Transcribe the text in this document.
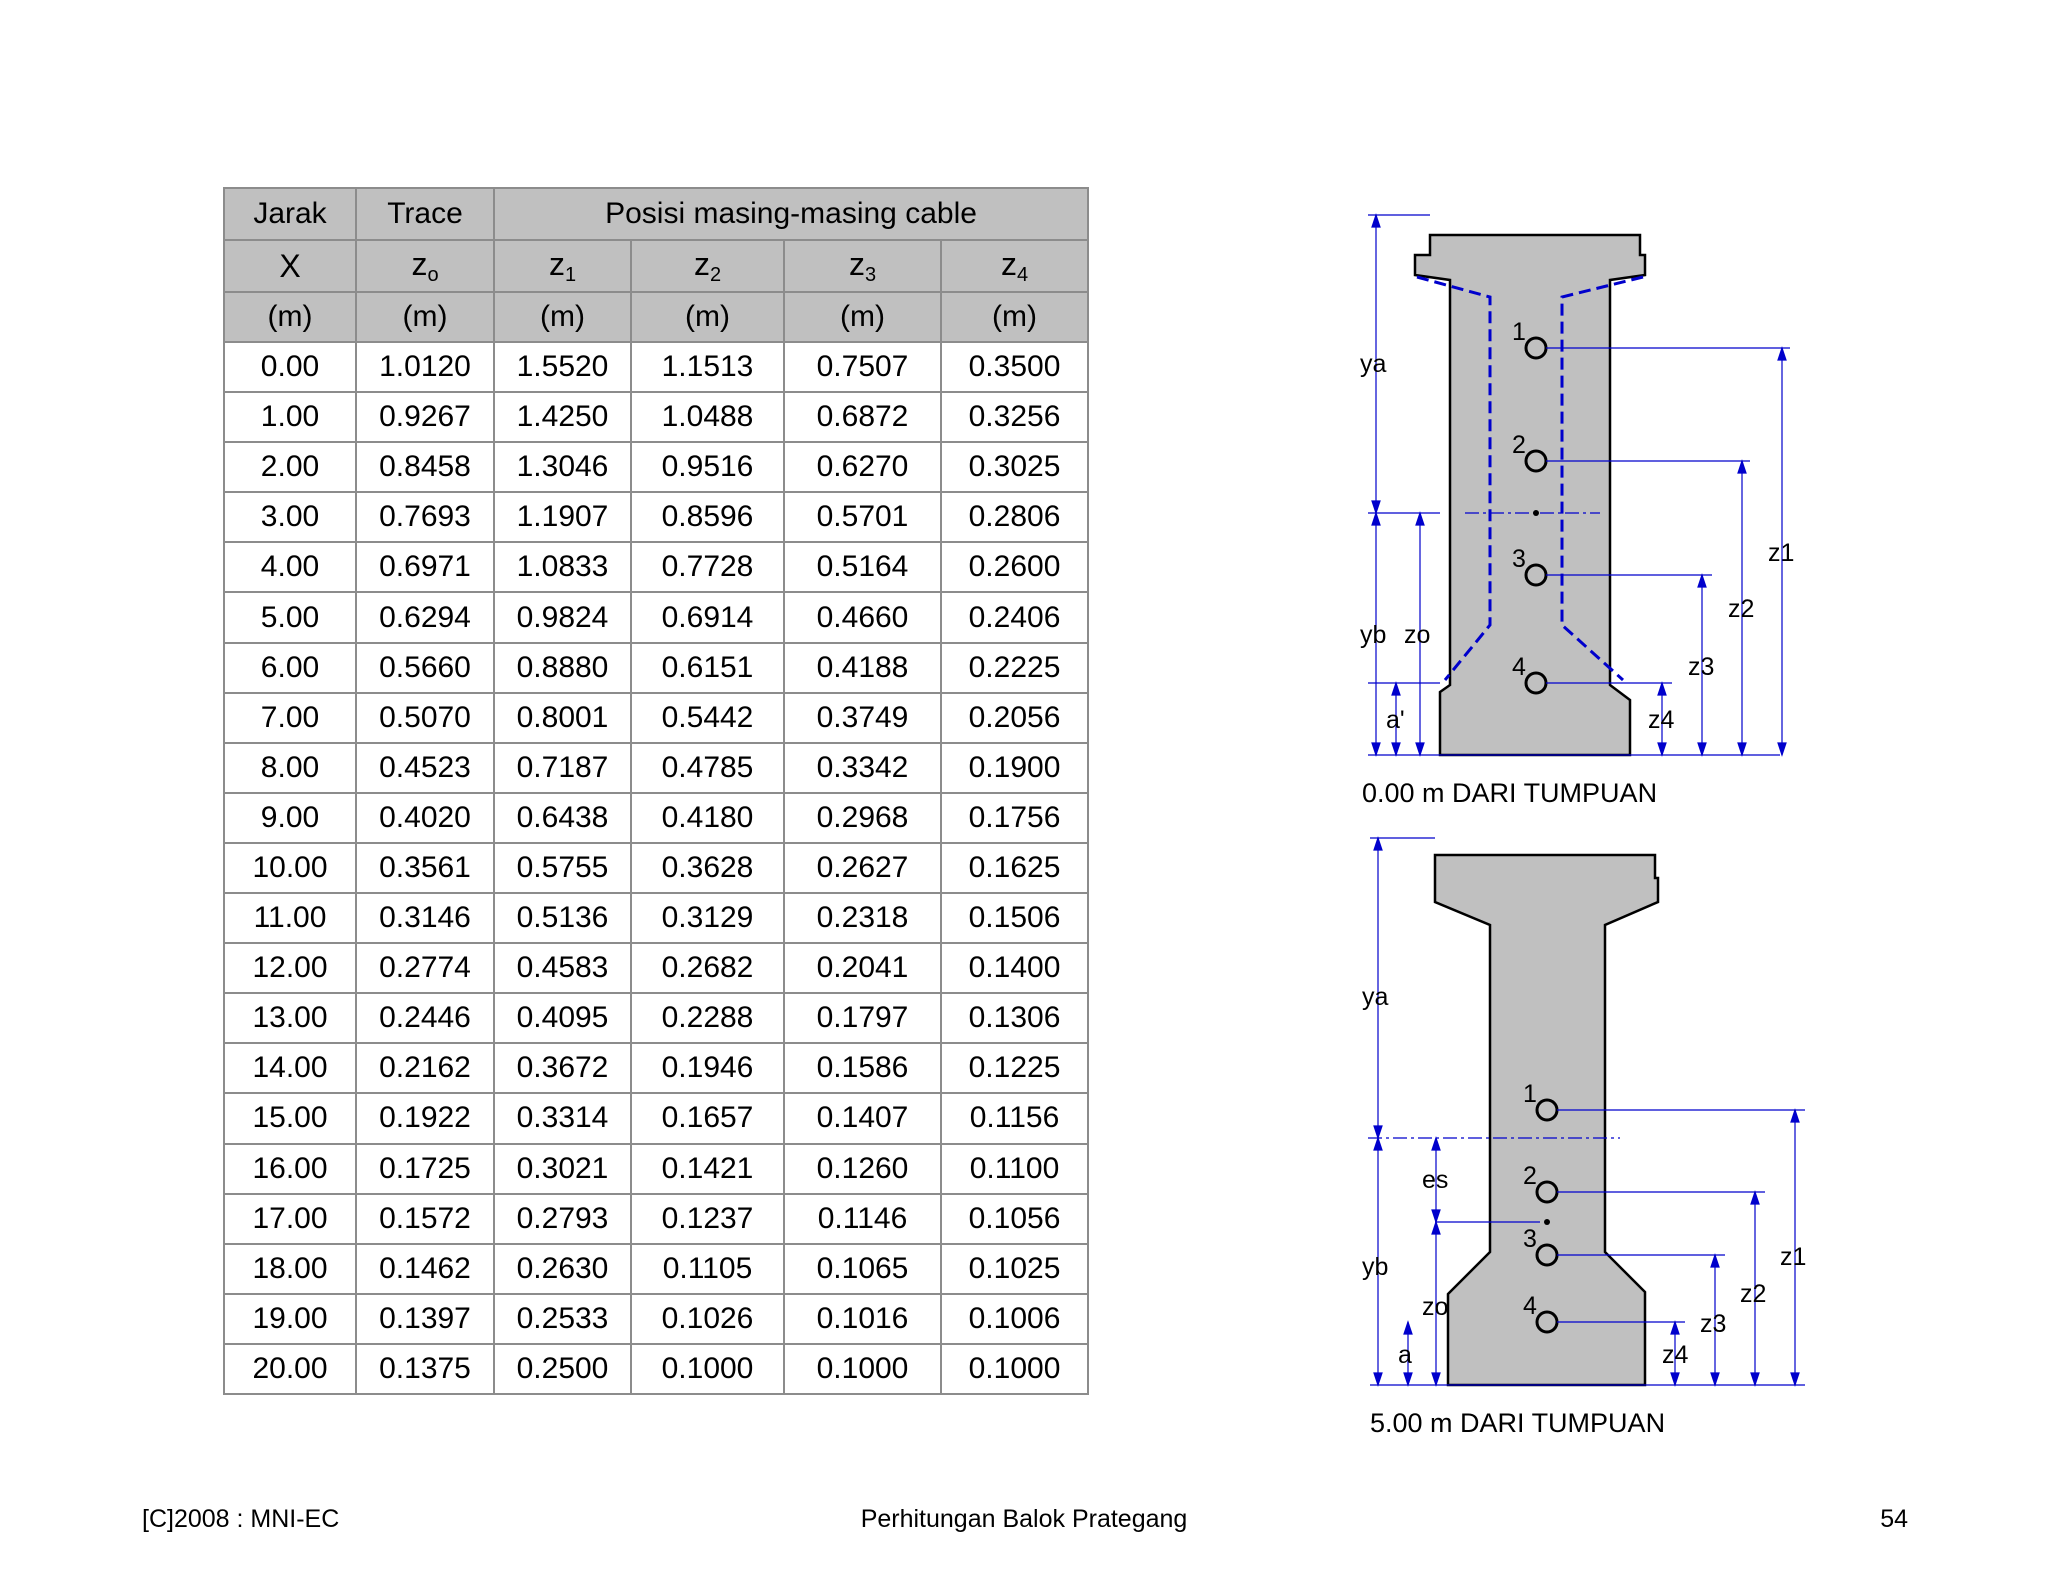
Jarak	Trace	Posisi masing-masing cable			
X	$z_o$	$z_1$	$z_2$	$z_3$	$z_4$
(m)	(m)	(m)	(m)	(m)	(m)
0.00	1.0120	1.5520	1.1513	0.7507	0.3500
1.00	0.9267	1.4250	1.0488	0.6872	0.3256
2.00	0.8458	1.3046	0.9516	0.6270	0.3025
3.00	0.7693	1.1907	0.8596	0.5701	0.2806
4.00	0.6971	1.0833	0.7728	0.5164	0.2600
5.00	0.6294	0.9824	0.6914	0.4660	0.2406
6.00	0.5660	0.8880	0.6151	0.4188	0.2225
7.00	0.5070	0.8001	0.5442	0.3749	0.2056
8.00	0.4523	0.7187	0.4785	0.3342	0.1900
9.00	0.4020	0.6438	0.4180	0.2968	0.1756
10.00	0.3561	0.5755	0.3628	0.2627	0.1625
11.00	0.3146	0.5136	0.3129	0.2318	0.1506
12.00	0.2774	0.4583	0.2682	0.2041	0.1400
13.00	0.2446	0.4095	0.2288	0.1797	0.1306
14.00	0.2162	0.3672	0.1946	0.1586	0.1225
15.00	0.1922	0.3314	0.1657	0.1407	0.1156
16.00	0.1725	0.3021	0.1421	0.1260	0.1100
17.00	0.1572	0.2793	0.1237	0.1146	0.1056
18.00	0.1462	0.2630	0.1105	0.1065	0.1025
19.00	0.1397	0.2533	0.1026	0.1016	0.1006
20.00	0.1375	0.2500	0.1000	0.1000	0.1000
ya
yb zo
a'
z1
z2
z3
z4
1
2
3
4
0.00 m DARI TUMPUAN
ya
es
yb
zo
a
z1
z2
z3
z4
1
2
3
4
5.00 m DARI TUMPUAN
[C]2008 : MNI-EC	Perhitungan Balok Prategang	54
